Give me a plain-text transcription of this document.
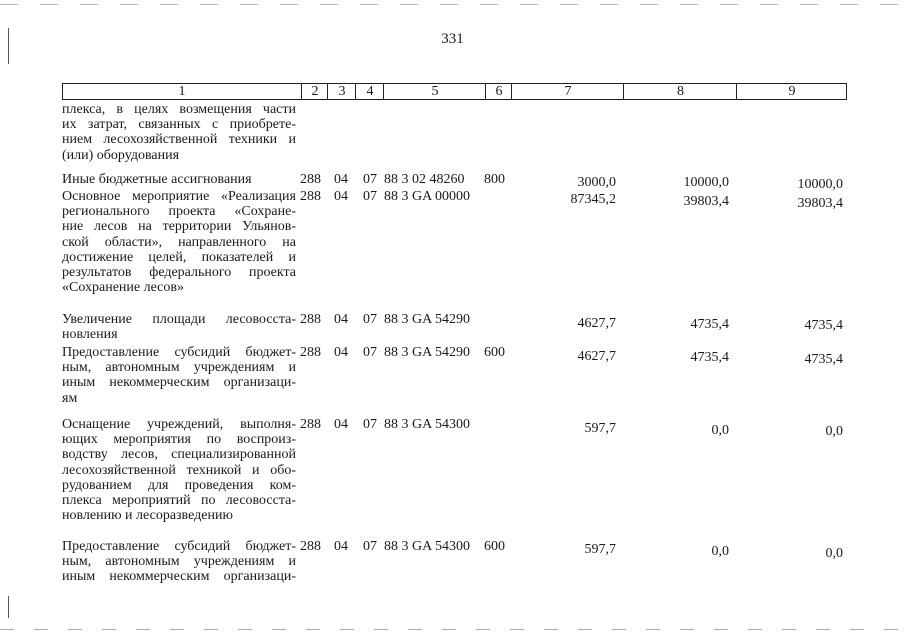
331
1	2	3	4	5	6	7	8	9
плекса, в целях возмещения части
их затрат, связанных с приобрете-
нием лесохозяйственной техники и
(или) оборудования
Иные бюджетные ассигнования	288 04 07 88 3 02 48260 800	3000,0	10000,0	10000,0
Основное мероприятие «Реализация
регионального проекта «Сохране-
ние лесов на территории Ульянов-
ской области», направленного на
достижение целей, показателей и
результатов федерального проекта
«Сохранение лесов»
288 04 07 88 3 GA 00000	87345,2	39803,4	39803,4
Увеличение площади лесовосста-
новления
288 04 07 88 3 GA 54290	4627,7	4735,4	4735,4
Предоставление субсидий бюджет-
ным, автономным учреждениям и
иным некоммерческим организаци-
ям
288 04 07 88 3 GA 54290 600	4627,7	4735,4	4735,4
Оснащение учреждений, выполня-
ющих мероприятия по воспроиз-
водству лесов, специализированной
лесохозяйственной техникой и обо-
рудованием для проведения ком-
плекса мероприятий по лесовосста-
новлению и лесоразведению
288 04 07 88 3 GA 54300	597,7	0,0	0,0
Предоставление субсидий бюджет-
ным, автономным учреждениям и
иным некоммерческим организаци-
288 04 07 88 3 GA 54300 600	597,7	0,0	0,0
